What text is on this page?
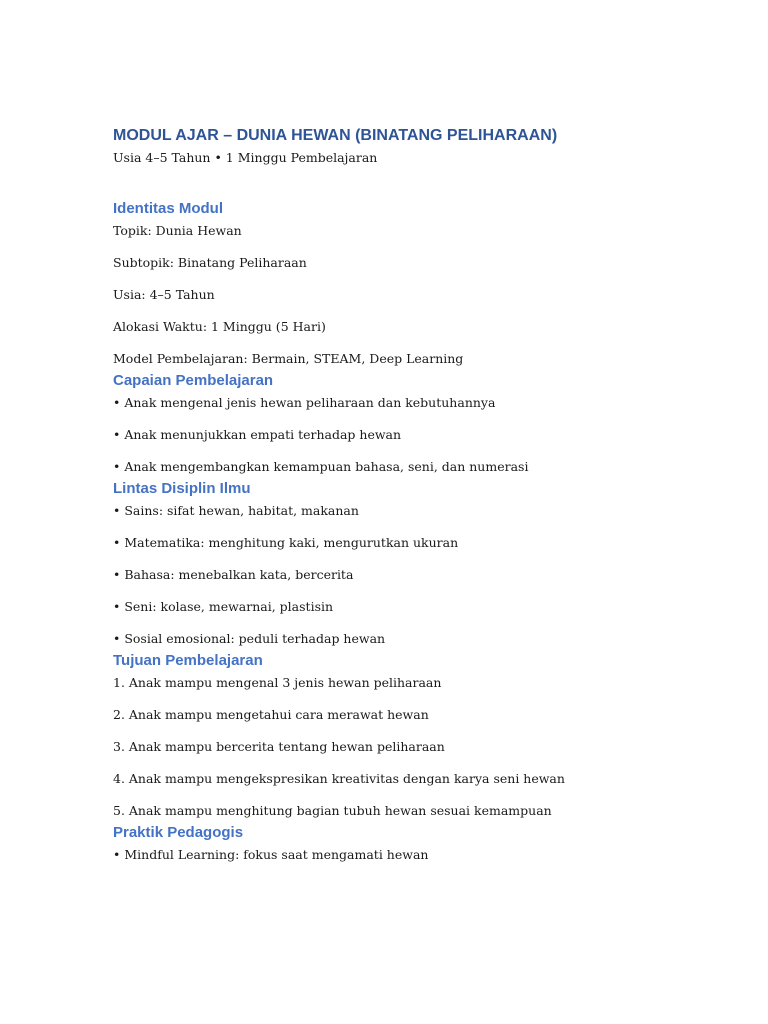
MODUL AJAR – DUNIA HEWAN (BINATANG PELIHARAAN)

Usia 4–5 Tahun • 1 Minggu Pembelajaran

Identitas Modul

Topik: Dunia Hewan

Subtopik: Binatang Peliharaan

Usia: 4–5 Tahun

Alokasi Waktu: 1 Minggu (5 Hari)

Model Pembelajaran: Bermain, STEAM, Deep Learning

Capaian Pembelajaran

• Anak mengenal jenis hewan peliharaan dan kebutuhannya

• Anak menunjukkan empati terhadap hewan

• Anak mengembangkan kemampuan bahasa, seni, dan numerasi

Lintas Disiplin Ilmu

• Sains: sifat hewan, habitat, makanan

• Matematika: menghitung kaki, mengurutkan ukuran

• Bahasa: menebalkan kata, bercerita

• Seni: kolase, mewarnai, plastisin

• Sosial emosional: peduli terhadap hewan

Tujuan Pembelajaran

1. Anak mampu mengenal 3 jenis hewan peliharaan

2. Anak mampu mengetahui cara merawat hewan

3. Anak mampu bercerita tentang hewan peliharaan

4. Anak mampu mengekspresikan kreativitas dengan karya seni hewan

5. Anak mampu menghitung bagian tubuh hewan sesuai kemampuan

Praktik Pedagogis

• Mindful Learning: fokus saat mengamati hewan
